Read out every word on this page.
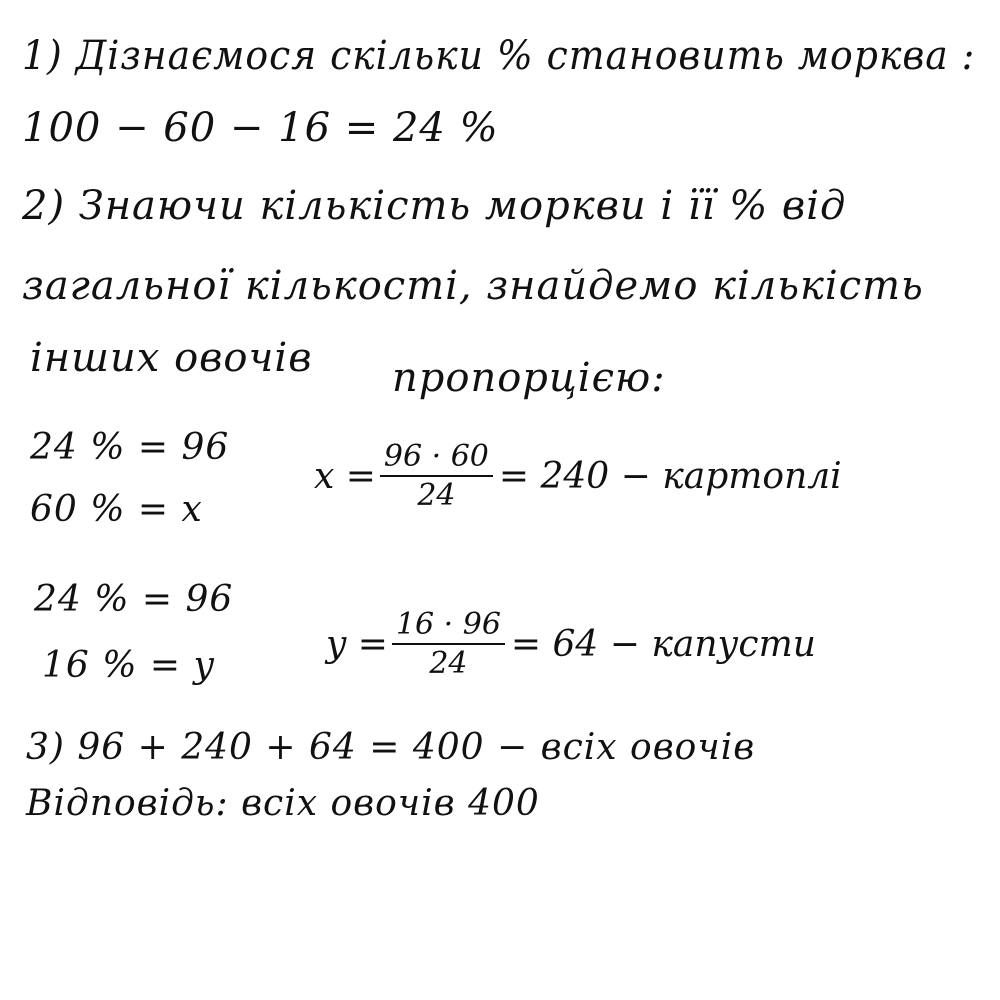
1) Дізнаємося скільки % становить морква :
100 − 60 − 16 = 24 %
2) Знаючи кількість моркви і її % від
загальної кількості, знайдемо кількість
інших овочів пропорцією:
24 % = 96
60 % = x
$x = \frac{96 \cdot 60}{24} = 240$ − картоплі
24 % = 96
16 % = y
$y = \frac{16 \cdot 96}{24} = 64$ − капусти
3) 96 + 240 + 64 = 400 − всіх овочів
Відповідь: всіх овочів 400
